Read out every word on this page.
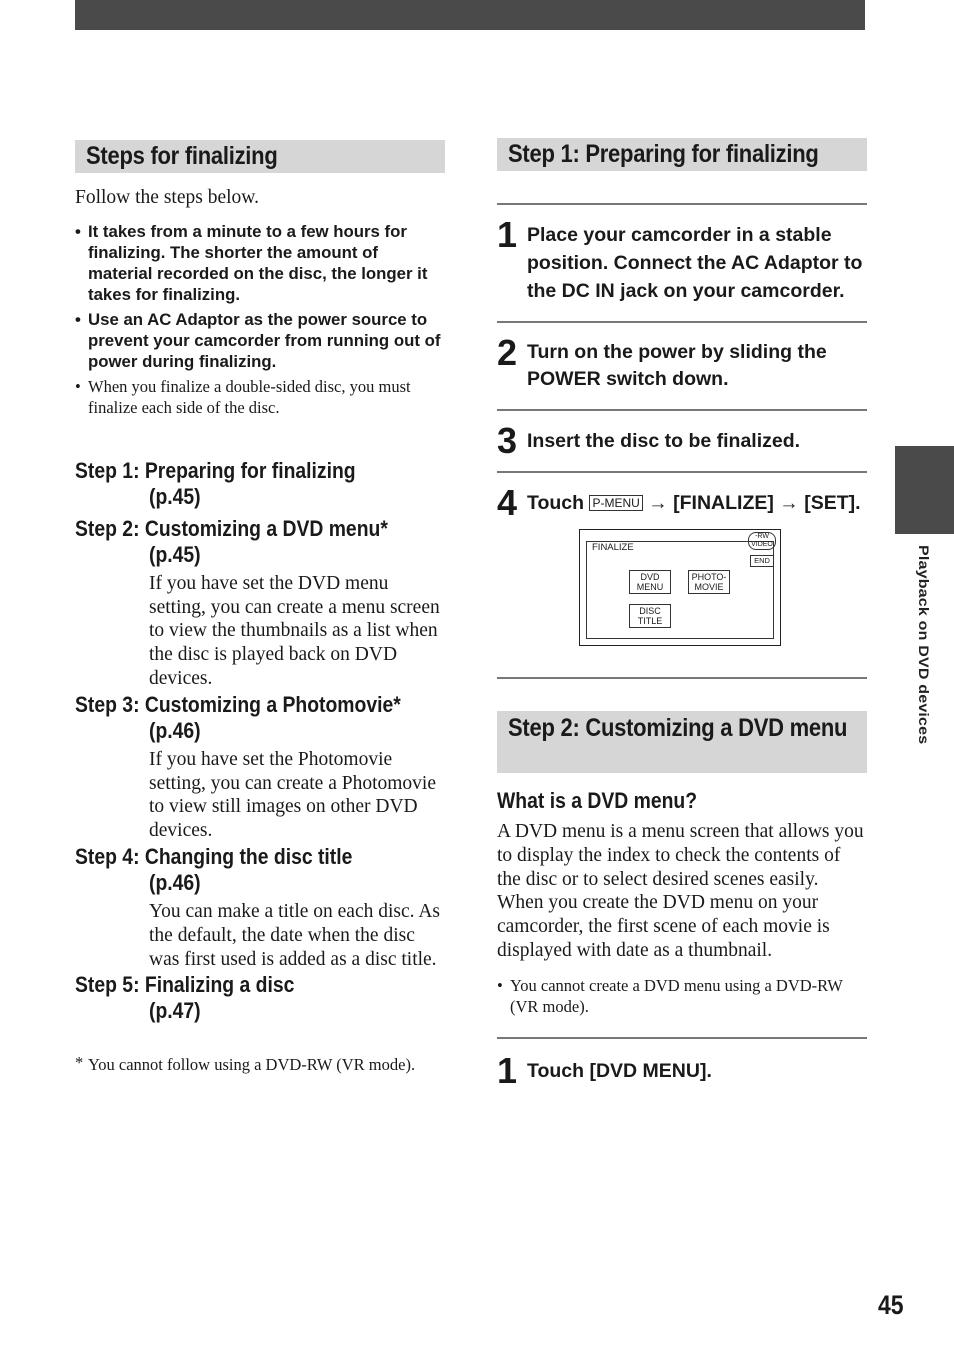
Playback on DVD devices
45
Steps for finalizing
Follow the steps below.
• It takes from a minute to a few hours for finalizing. The shorter the amount of material recorded on the disc, the longer it takes for finalizing.
• Use an AC Adaptor as the power source to prevent your camcorder from running out of power during finalizing.
• When you finalize a double-sided disc, you must finalize each side of the disc.
Step 1: Preparing for finalizing
(p.45)
Step 2: Customizing a DVD menu*
(p.45)
If you have set the DVD menu setting, you can create a menu screen to view the thumbnails as a list when the disc is played back on DVD devices.
Step 3: Customizing a Photomovie*
(p.46)
If you have set the Photomovie setting, you can create a Photomovie to view still images on other DVD devices.
Step 4: Changing the disc title
(p.46)
You can make a title on each disc. As the default, the date when the disc was first used is added as a disc title.
Step 5: Finalizing a disc
(p.47)
* You cannot follow using a DVD-RW (VR mode).
Step 1: Preparing for finalizing
1 Place your camcorder in a stable position. Connect the AC Adaptor to the DC IN jack on your camcorder.
2 Turn on the power by sliding the POWER switch down.
3 Insert the disc to be finalized.
4 Touch P-MENU → [FINALIZE] → [SET].
FINALIZE
-RW VIDEO
END
DVD
MENU
PHOTO-
MOVIE
DISC
TITLE
Step 2: Customizing a DVD menu
What is a DVD menu?
A DVD menu is a menu screen that allows you to display the index to check the contents of the disc or to select desired scenes easily. When you create the DVD menu on your camcorder, the first scene of each movie is displayed with date as a thumbnail.
• You cannot create a DVD menu using a DVD-RW (VR mode).
1 Touch [DVD MENU].
